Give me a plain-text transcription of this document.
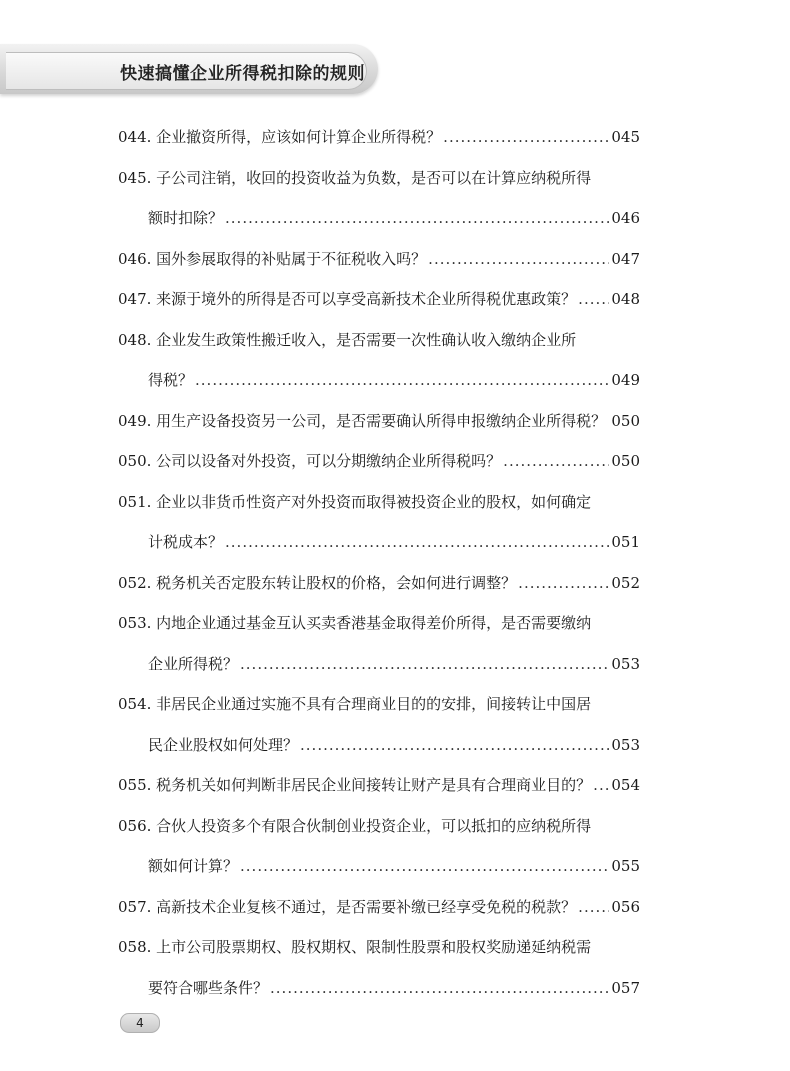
快速搞懂企业所得税扣除的规则
044. 企业撤资所得，应该如何计算企业所得税？ .....	045
045. 子公司注销，收回的投资收益为负数，是否可以在计算应纳税所得
额时扣除？ .....	046
046. 国外参展取得的补贴属于不征税收入吗？ .....	047
047. 来源于境外的所得是否可以享受高新技术企业所得税优惠政策？ ..... 048
048. 企业发生政策性搬迁收入，是否需要一次性确认收入缴纳企业所
得税？ .....	049
049. 用生产设备投资另一公司，是否需要确认所得申报缴纳企业所得税？ ..... 050
050. 公司以设备对外投资，可以分期缴纳企业所得税吗？ .....	050
051. 企业以非货币性资产对外投资而取得被投资企业的股权，如何确定
计税成本？ .....	051
052. 税务机关否定股东转让股权的价格，会如何进行调整？ .....	052
053. 内地企业通过基金互认买卖香港基金取得差价所得，是否需要缴纳
企业所得税？ .....	053
054. 非居民企业通过实施不具有合理商业目的的安排，间接转让中国居
民企业股权如何处理？ .....	053
055. 税务机关如何判断非居民企业间接转让财产是具有合理商业目的？ ..... 054
056. 合伙人投资多个有限合伙制创业投资企业，可以抵扣的应纳税所得
额如何计算？ .....	055
057. 高新技术企业复核不通过，是否需要补缴已经享受免税的税款？ ..... 056
058. 上市公司股票期权、股权期权、限制性股票和股权奖励递延纳税需
要符合哪些条件？ .....	057
4
